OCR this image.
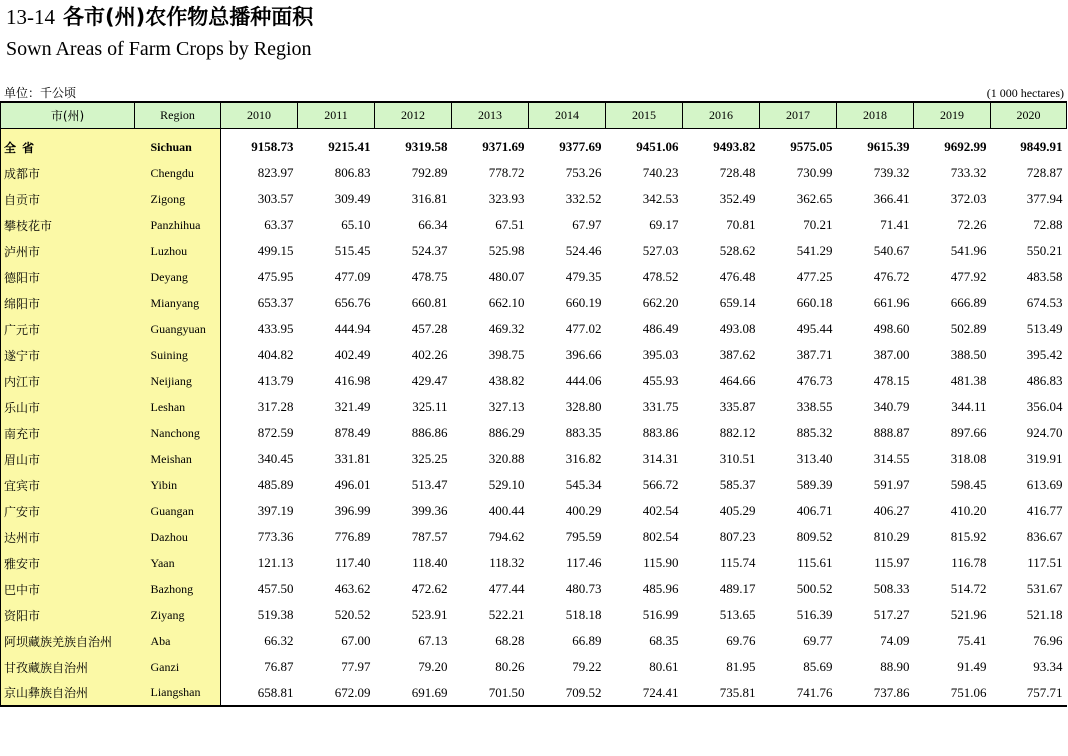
13-14 各市(州)农作物总播种面积
Sown Areas of Farm Crops by Region
单位：千公顷	(1 000 hectares)
市(州)	Region	2010	2011	2012	2013	2014	2015	2016	2017	2018	2019	2020

全 省	Sichuan	9158.73	9215.41	9319.58	9371.69	9377.69	9451.06	9493.82	9575.05	9615.39	9692.99	9849.91
成都市	Chengdu	823.97	806.83	792.89	778.72	753.26	740.23	728.48	730.99	739.32	733.32	728.87
自贡市	Zigong	303.57	309.49	316.81	323.93	332.52	342.53	352.49	362.65	366.41	372.03	377.94
攀枝花市	Panzhihua	63.37	65.10	66.34	67.51	67.97	69.17	70.81	70.21	71.41	72.26	72.88
泸州市	Luzhou	499.15	515.45	524.37	525.98	524.46	527.03	528.62	541.29	540.67	541.96	550.21
德阳市	Deyang	475.95	477.09	478.75	480.07	479.35	478.52	476.48	477.25	476.72	477.92	483.58
绵阳市	Mianyang	653.37	656.76	660.81	662.10	660.19	662.20	659.14	660.18	661.96	666.89	674.53
广元市	Guangyuan	433.95	444.94	457.28	469.32	477.02	486.49	493.08	495.44	498.60	502.89	513.49
遂宁市	Suining	404.82	402.49	402.26	398.75	396.66	395.03	387.62	387.71	387.00	388.50	395.42
内江市	Neijiang	413.79	416.98	429.47	438.82	444.06	455.93	464.66	476.73	478.15	481.38	486.83
乐山市	Leshan	317.28	321.49	325.11	327.13	328.80	331.75	335.87	338.55	340.79	344.11	356.04
南充市	Nanchong	872.59	878.49	886.86	886.29	883.35	883.86	882.12	885.32	888.87	897.66	924.70
眉山市	Meishan	340.45	331.81	325.25	320.88	316.82	314.31	310.51	313.40	314.55	318.08	319.91
宜宾市	Yibin	485.89	496.01	513.47	529.10	545.34	566.72	585.37	589.39	591.97	598.45	613.69
广安市	Guangan	397.19	396.99	399.36	400.44	400.29	402.54	405.29	406.71	406.27	410.20	416.77
达州市	Dazhou	773.36	776.89	787.57	794.62	795.59	802.54	807.23	809.52	810.29	815.92	836.67
雅安市	Yaan	121.13	117.40	118.40	118.32	117.46	115.90	115.74	115.61	115.97	116.78	117.51
巴中市	Bazhong	457.50	463.62	472.62	477.44	480.73	485.96	489.17	500.52	508.33	514.72	531.67
资阳市	Ziyang	519.38	520.52	523.91	522.21	518.18	516.99	513.65	516.39	517.27	521.96	521.18
阿坝藏族羌族自治州	Aba	66.32	67.00	67.13	68.28	66.89	68.35	69.76	69.77	74.09	75.41	76.96
甘孜藏族自治州	Ganzi	76.87	77.97	79.20	80.26	79.22	80.61	81.95	85.69	88.90	91.49	93.34
京山彝族自治州	Liangshan	658.81	672.09	691.69	701.50	709.52	724.41	735.81	741.76	737.86	751.06	757.71
